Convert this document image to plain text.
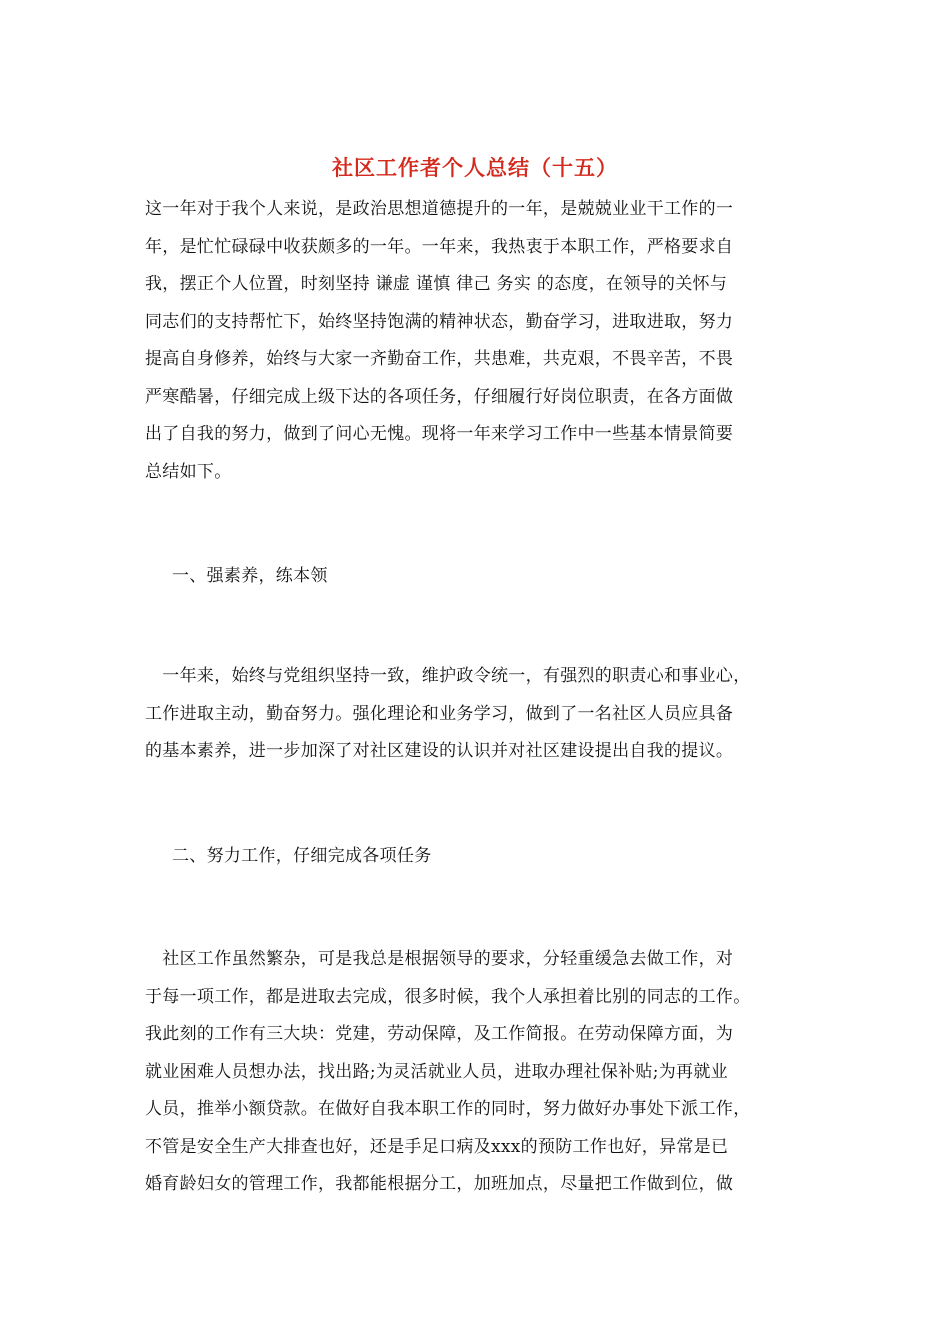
社区工作者个人总结（十五）
这一年对于我个人来说，是政治思想道德提升的一年，是兢兢业业干工作的一
年，是忙忙碌碌中收获颇多的一年。一年来，我热衷于本职工作，严格要求自
我，摆正个人位置，时刻坚持 谦虚 谨慎 律己 务实 的态度，在领导的关怀与
同志们的支持帮忙下，始终坚持饱满的精神状态，勤奋学习，进取进取，努力
提高自身修养，始终与大家一齐勤奋工作，共患难，共克艰，不畏辛苦，不畏
严寒酷暑，仔细完成上级下达的各项任务，仔细履行好岗位职责，在各方面做
出了自我的努力，做到了问心无愧。现将一年来学习工作中一些基本情景简要
总结如下。
一、强素养，练本领
　一年来，始终与党组织坚持一致，维护政令统一，有强烈的职责心和事业心，
工作进取主动，勤奋努力。强化理论和业务学习，做到了一名社区人员应具备
的基本素养，进一步加深了对社区建设的认识并对社区建设提出自我的提议。
二、努力工作，仔细完成各项任务
　社区工作虽然繁杂，可是我总是根据领导的要求，分轻重缓急去做工作，对
于每一项工作，都是进取去完成，很多时候，我个人承担着比别的同志的工作。
我此刻的工作有三大块：党建，劳动保障，及工作简报。在劳动保障方面，为
就业困难人员想办法，找出路;为灵活就业人员，进取办理社保补贴;为再就业
人员，推举小额贷款。在做好自我本职工作的同时，努力做好办事处下派工作，
不管是安全生产大排查也好，还是手足口病及xxx的预防工作也好，异常是已
婚育龄妇女的管理工作，我都能根据分工，加班加点，尽量把工作做到位，做
